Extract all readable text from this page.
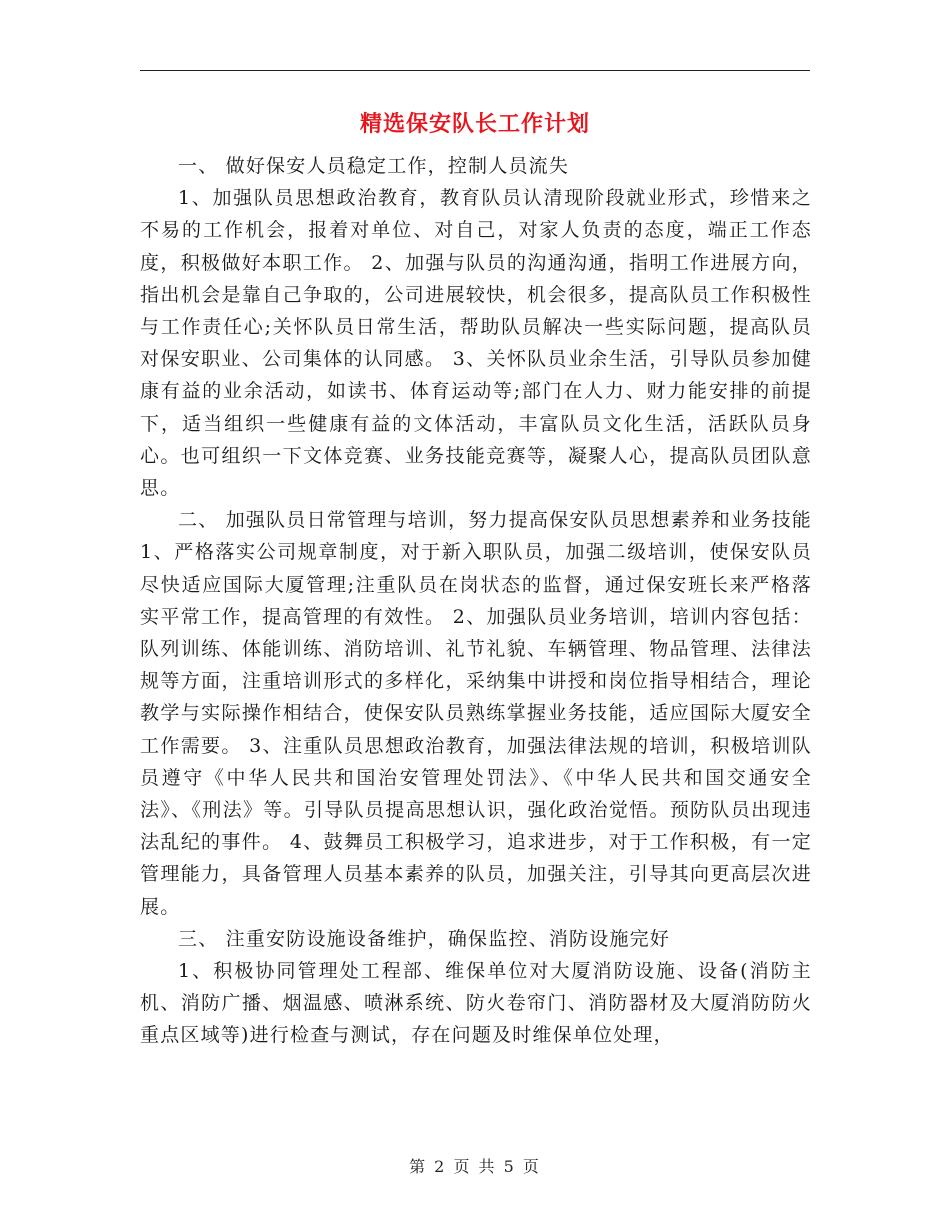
精选保安队长工作计划

一、 做好保安人员稳定工作，控制人员流失

1、加强队员思想政治教育，教育队员认清现阶段就业形式，珍惜来之不易的工作机会，报着对单位、对自己，对家人负责的态度，端正工作态度，积极做好本职工作。 2、加强与队员的沟通沟通，指明工作进展方向，指出机会是靠自己争取的，公司进展较快，机会很多，提高队员工作积极性与工作责任心;关怀队员日常生活，帮助队员解决一些实际问题，提高队员对保安职业、公司集体的认同感。 3、关怀队员业余生活，引导队员参加健康有益的业余活动，如读书、体育运动等;部门在人力、财力能安排的前提下，适当组织一些健康有益的文体活动，丰富队员文化生活，活跃队员身心。也可组织一下文体竞赛、业务技能竞赛等，凝聚人心，提高队员团队意思。

二、 加强队员日常管理与培训，努力提高保安队员思想素养和业务技能 1、严格落实公司规章制度，对于新入职队员，加强二级培训，使保安队员尽快适应国际大厦管理;注重队员在岗状态的监督，通过保安班长来严格落实平常工作，提高管理的有效性。 2、加强队员业务培训，培训内容包括：队列训练、体能训练、消防培训、礼节礼貌、车辆管理、物品管理、法律法规等方面，注重培训形式的多样化，采纳集中讲授和岗位指导相结合，理论教学与实际操作相结合，使保安队员熟练掌握业务技能，适应国际大厦安全工作需要。 3、注重队员思想政治教育，加强法律法规的培训，积极培训队员遵守《中华人民共和国治安管理处罚法》、《中华人民共和国交通安全法》、《刑法》等。引导队员提高思想认识，强化政治觉悟。预防队员出现违法乱纪的事件。 4、鼓舞员工积极学习，追求进步，对于工作积极，有一定管理能力，具备管理人员基本素养的队员，加强关注，引导其向更高层次进展。

三、 注重安防设施设备维护，确保监控、消防设施完好

1、积极协同管理处工程部、维保单位对大厦消防设施、设备(消防主机、消防广播、烟温感、喷淋系统、防火卷帘门、消防器材及大厦消防防火重点区域等)进行检查与测试，存在问题及时维保单位处理，

第 2 页 共 5 页
